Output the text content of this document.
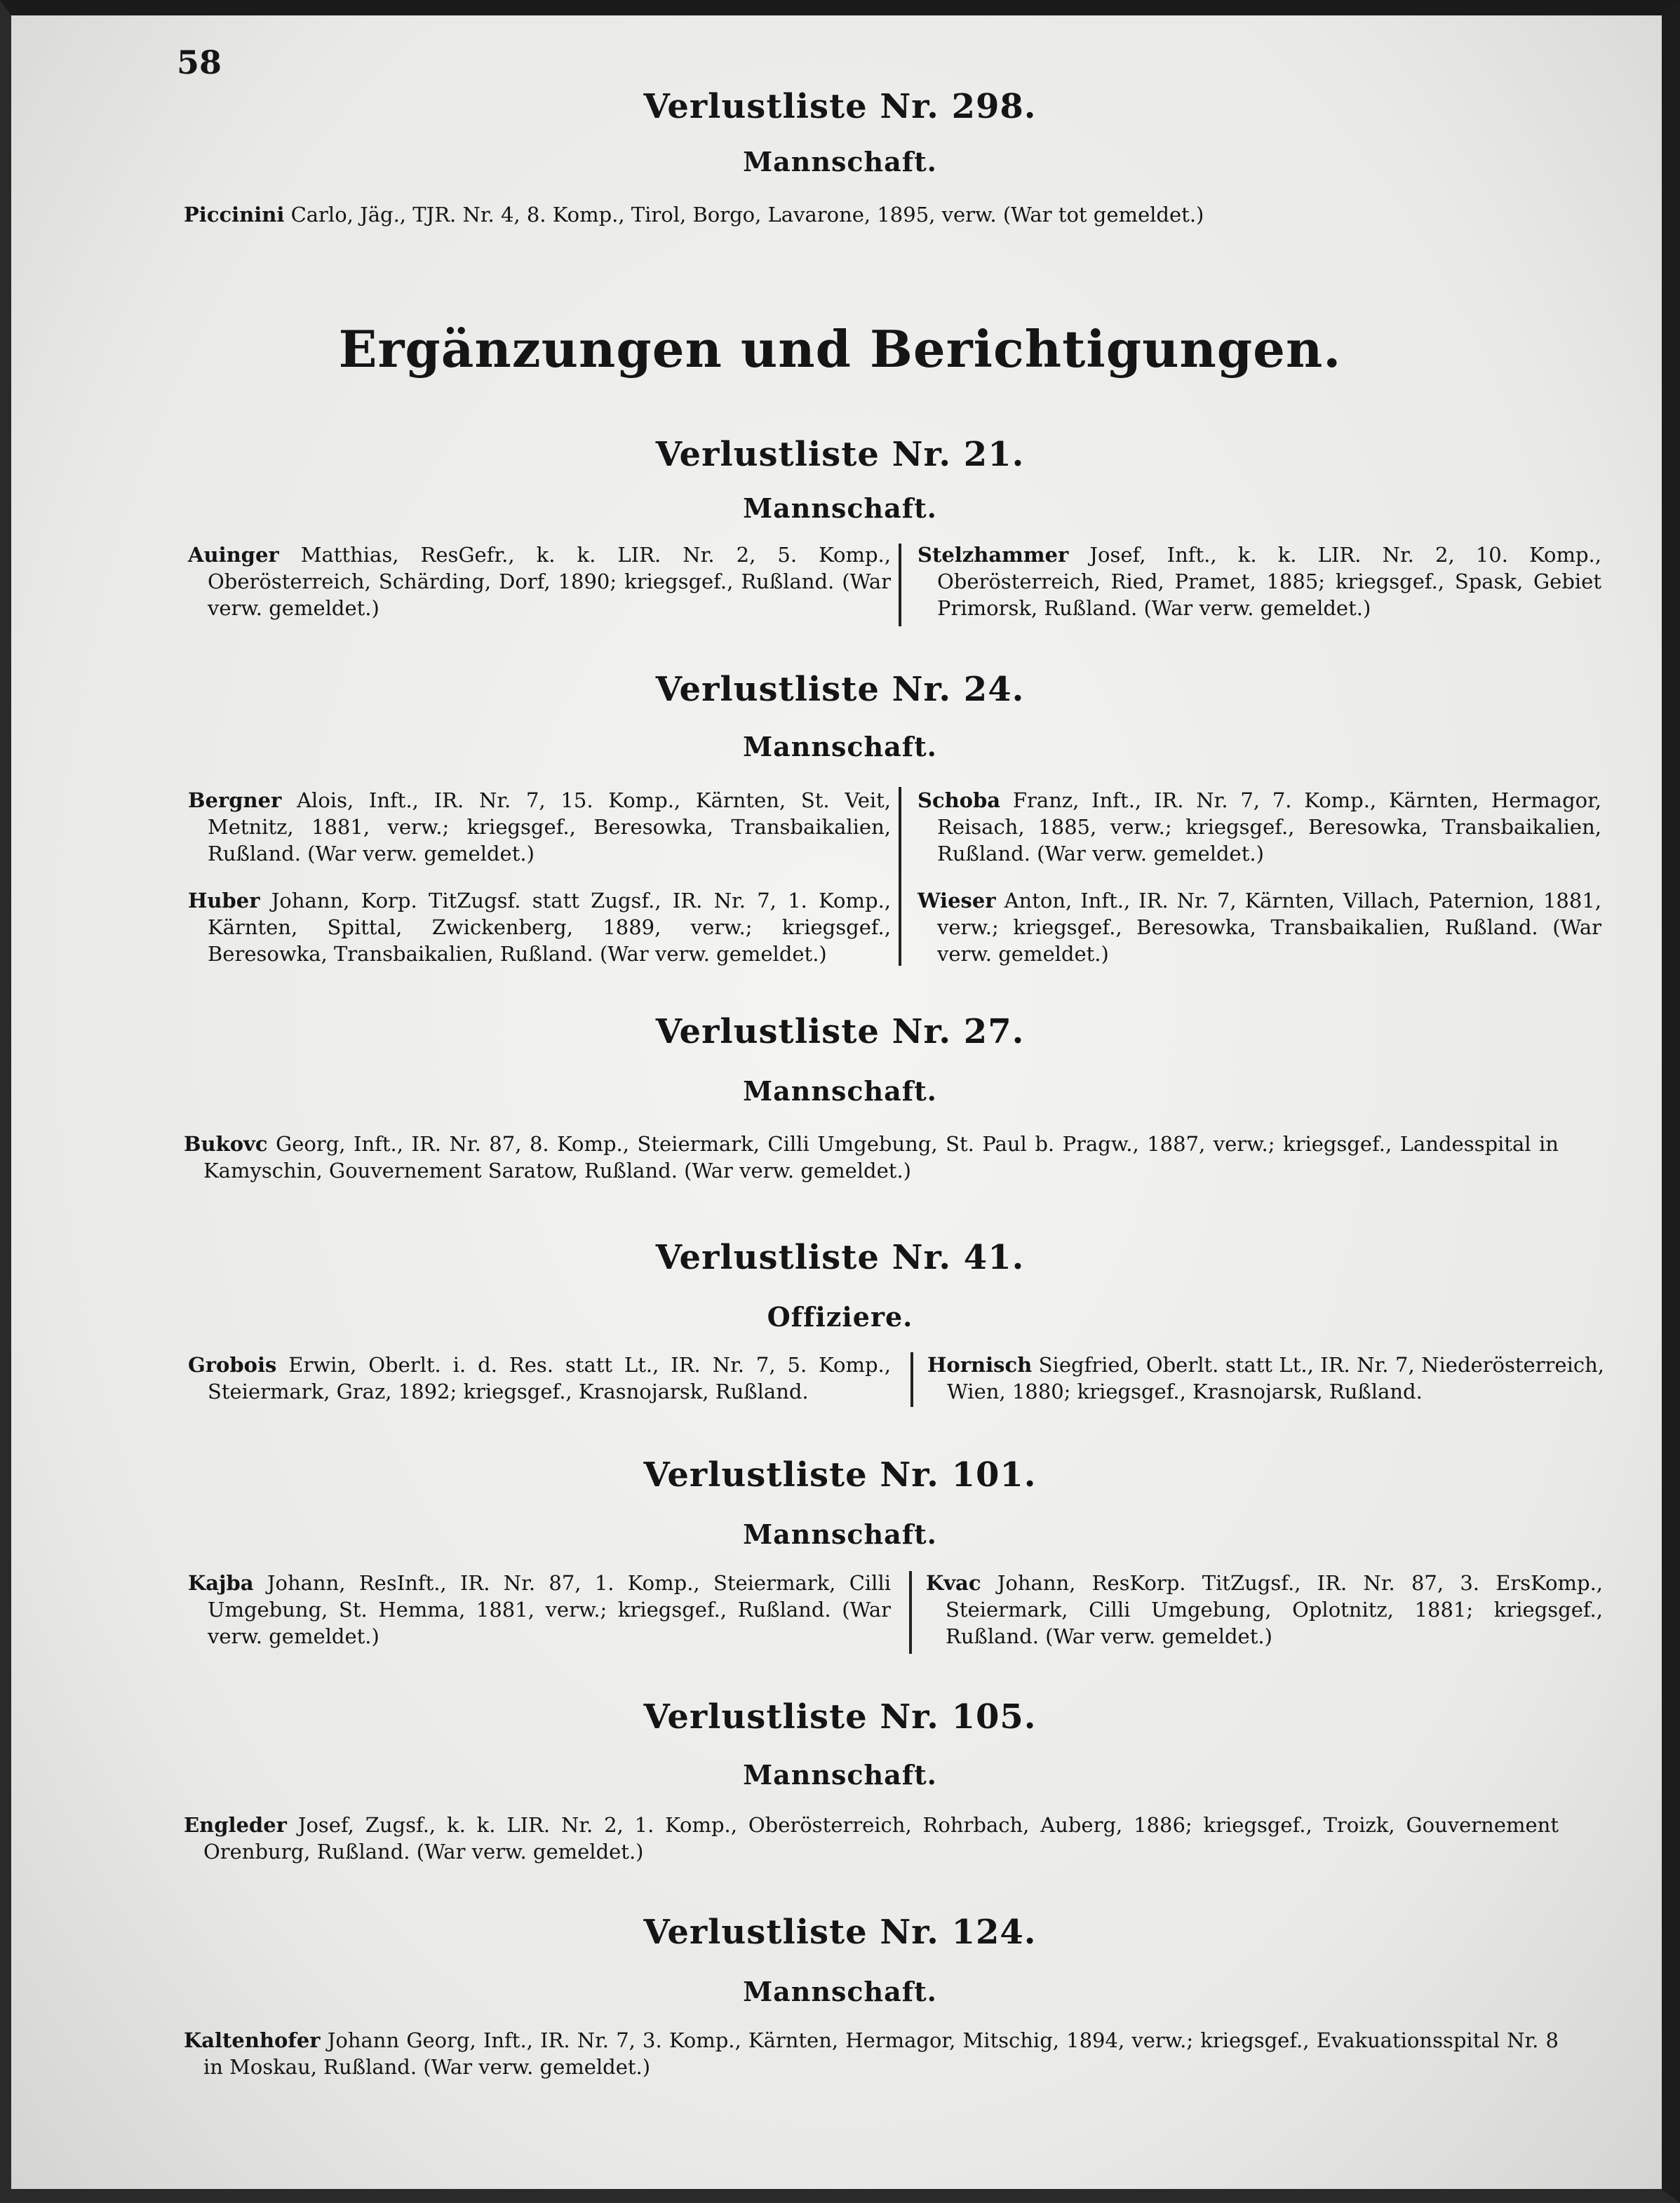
58
Verlustliste Nr. 298.
Mannschaft.
Piccinini Carlo, Jäg., TJR. Nr. 4, 8. Komp., Tirol, Borgo, Lavarone, 1895, verw. (War tot gemeldet.)
Ergänzungen und Berichtigungen.
Verlustliste Nr. 21.
Mannschaft.
Auinger Matthias, ResGefr., k. k. LIR. Nr. 2, 5. Komp., Oberösterreich, Schärding, Dorf, 1890; kriegsgef., Rußland. (War verw. gemeldet.)
Stelzhammer Josef, Inft., k. k. LIR. Nr. 2, 10. Komp., Oberösterreich, Ried, Pramet, 1885; kriegsgef., Spask, Gebiet Primorsk, Rußland. (War verw. gemeldet.)
Verlustliste Nr. 24.
Mannschaft.
Bergner Alois, Inft., IR. Nr. 7, 15. Komp., Kärnten, St. Veit, Metnitz, 1881, verw.; kriegsgef., Beresowka, Transbaikalien, Rußland. (War verw. gemeldet.)
Huber Johann, Korp. TitZugsf. statt Zugsf., IR. Nr. 7, 1. Komp., Kärnten, Spittal, Zwickenberg, 1889, verw.; kriegsgef., Beresowka, Transbaikalien, Rußland. (War verw. gemeldet.)
Schoba Franz, Inft., IR. Nr. 7, 7. Komp., Kärnten, Hermagor, Reisach, 1885, verw.; kriegsgef., Beresowka, Transbaikalien, Rußland. (War verw. gemeldet.)
Wieser Anton, Inft., IR. Nr. 7, Kärnten, Villach, Paternion, 1881, verw.; kriegsgef., Beresowka, Transbaikalien, Rußland. (War verw. gemeldet.)
Verlustliste Nr. 27.
Mannschaft.
Bukovc Georg, Inft., IR. Nr. 87, 8. Komp., Steiermark, Cilli Umgebung, St. Paul b. Pragw., 1887, verw.; kriegsgef., Landesspital in Kamyschin, Gouvernement Saratow, Rußland. (War verw. gemeldet.)
Verlustliste Nr. 41.
Offiziere.
Grobois Erwin, Oberlt. i. d. Res. statt Lt., IR. Nr. 7, 5. Komp., Steiermark, Graz, 1892; kriegsgef., Krasnojarsk, Rußland.
Hornisch Siegfried, Oberlt. statt Lt., IR. Nr. 7, Niederösterreich, Wien, 1880; kriegsgef., Krasnojarsk, Rußland.
Verlustliste Nr. 101.
Mannschaft.
Kajba Johann, ResInft., IR. Nr. 87, 1. Komp., Steiermark, Cilli Umgebung, St. Hemma, 1881, verw.; kriegsgef., Rußland. (War verw. gemeldet.)
Kvac Johann, ResKorp. TitZugsf., IR. Nr. 87, 3. ErsKomp., Steiermark, Cilli Umgebung, Oplotnitz, 1881; kriegsgef., Rußland. (War verw. gemeldet.)
Verlustliste Nr. 105.
Mannschaft.
Engleder Josef, Zugsf., k. k. LIR. Nr. 2, 1. Komp., Oberösterreich, Rohrbach, Auberg, 1886; kriegsgef., Troizk, Gouvernement Orenburg, Rußland. (War verw. gemeldet.)
Verlustliste Nr. 124.
Mannschaft.
Kaltenhofer Johann Georg, Inft., IR. Nr. 7, 3. Komp., Kärnten, Hermagor, Mitschig, 1894, verw.; kriegsgef., Evakuationsspital Nr. 8 in Moskau, Rußland. (War verw. gemeldet.)
